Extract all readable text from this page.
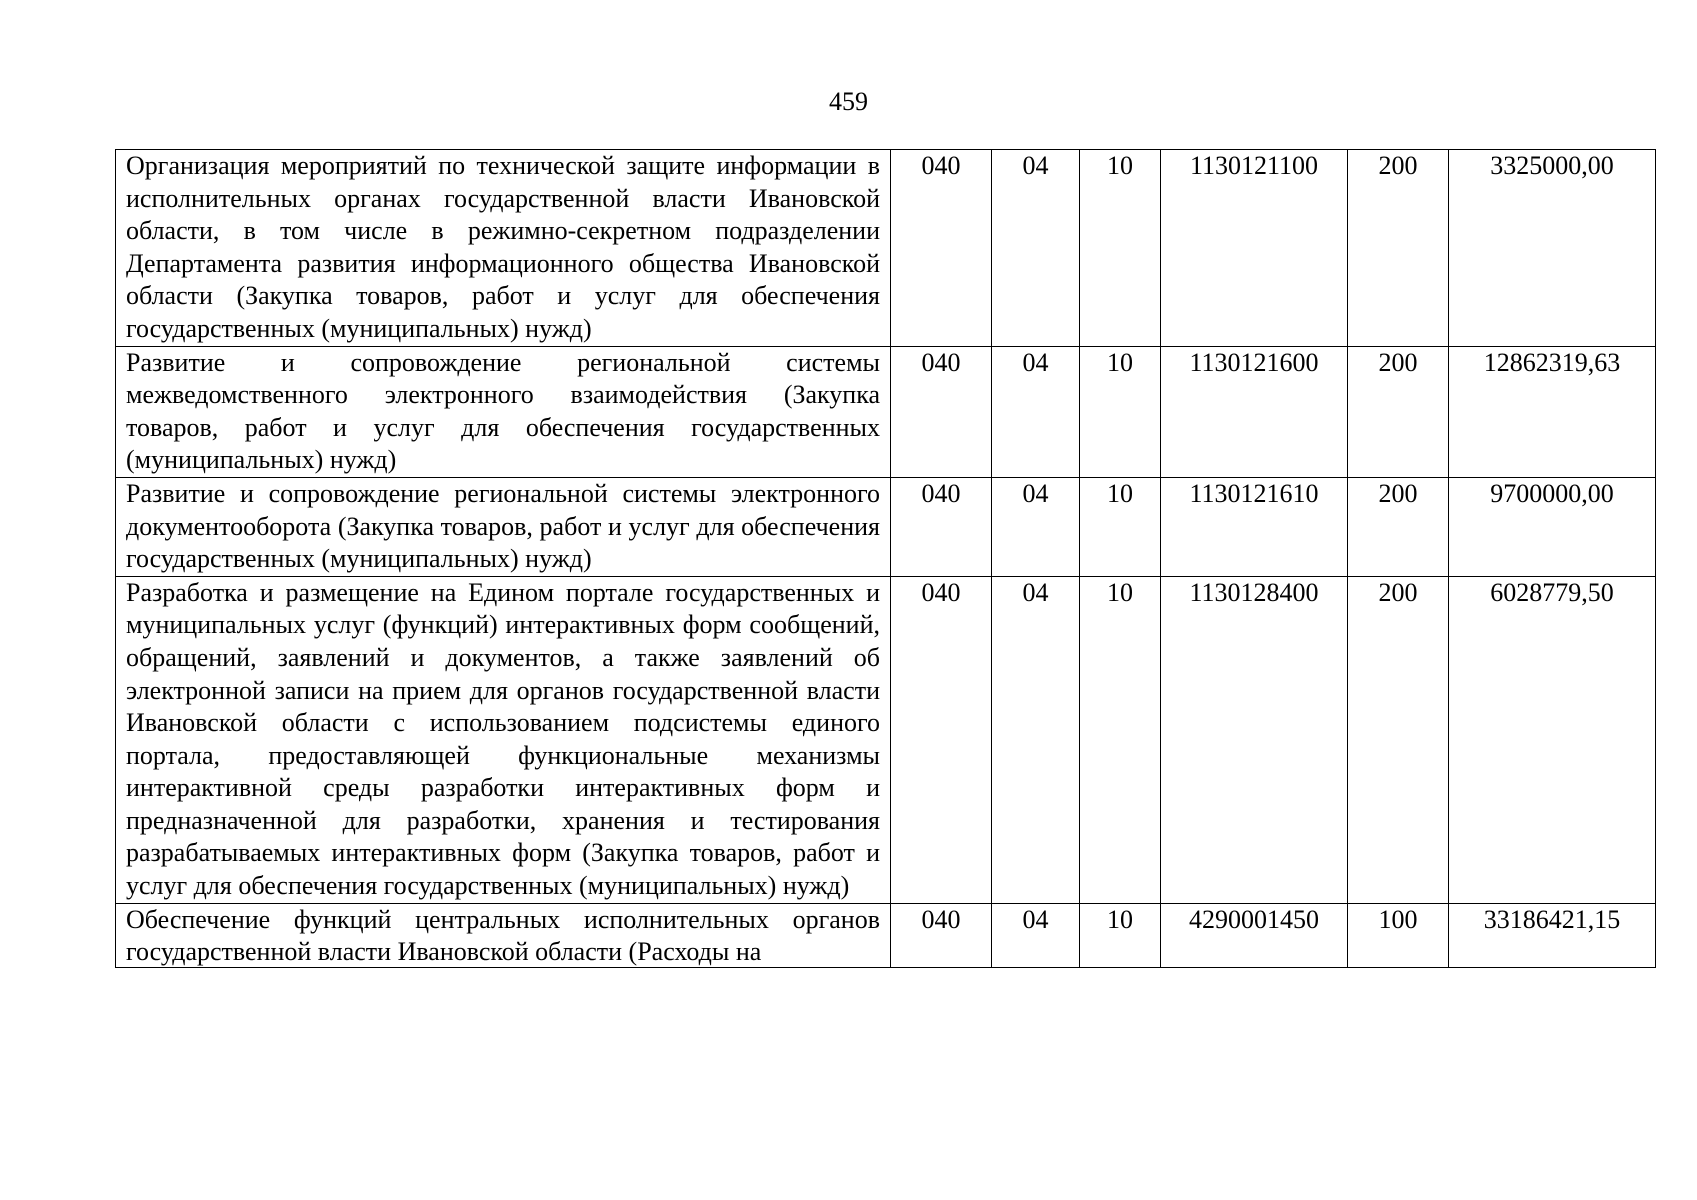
459
Организация мероприятий по технической защите информации в исполнительных органах государственной власти Ивановской области, в том числе в режимно-секретном подразделении Департамента развития информационного общества Ивановской области (Закупка товаров, работ и услуг для обеспечения государственных (муниципальных) нужд)	040	04	10	1130121100	200	3325000,00
Развитие и сопровождение региональной системы межведомственного электронного взаимодействия (Закупка товаров, работ и услуг для обеспечения государственных (муниципальных) нужд)	040	04	10	1130121600	200	12862319,63
Развитие и сопровождение региональной системы электронного документооборота (Закупка товаров, работ и услуг для обеспечения государственных (муниципальных) нужд)	040	04	10	1130121610	200	9700000,00
Разработка и размещение на Едином портале государственных и муниципальных услуг (функций) интерактивных форм сообщений, обращений, заявлений и документов, а также заявлений об электронной записи на прием для органов государственной власти Ивановской области с использованием подсистемы единого портала, предоставляющей функциональные механизмы интерактивной среды разработки интерактивных форм и предназначенной для разработки, хранения и тестирования разрабатываемых интерактивных форм (Закупка товаров, работ и услуг для обеспечения государственных (муниципальных) нужд)	040	04	10	1130128400	200	6028779,50

Обеспечение функций центральных исполнительных органов государственной власти Ивановской области (Расходы на	040	04	10	4290001450	100	33186421,15
